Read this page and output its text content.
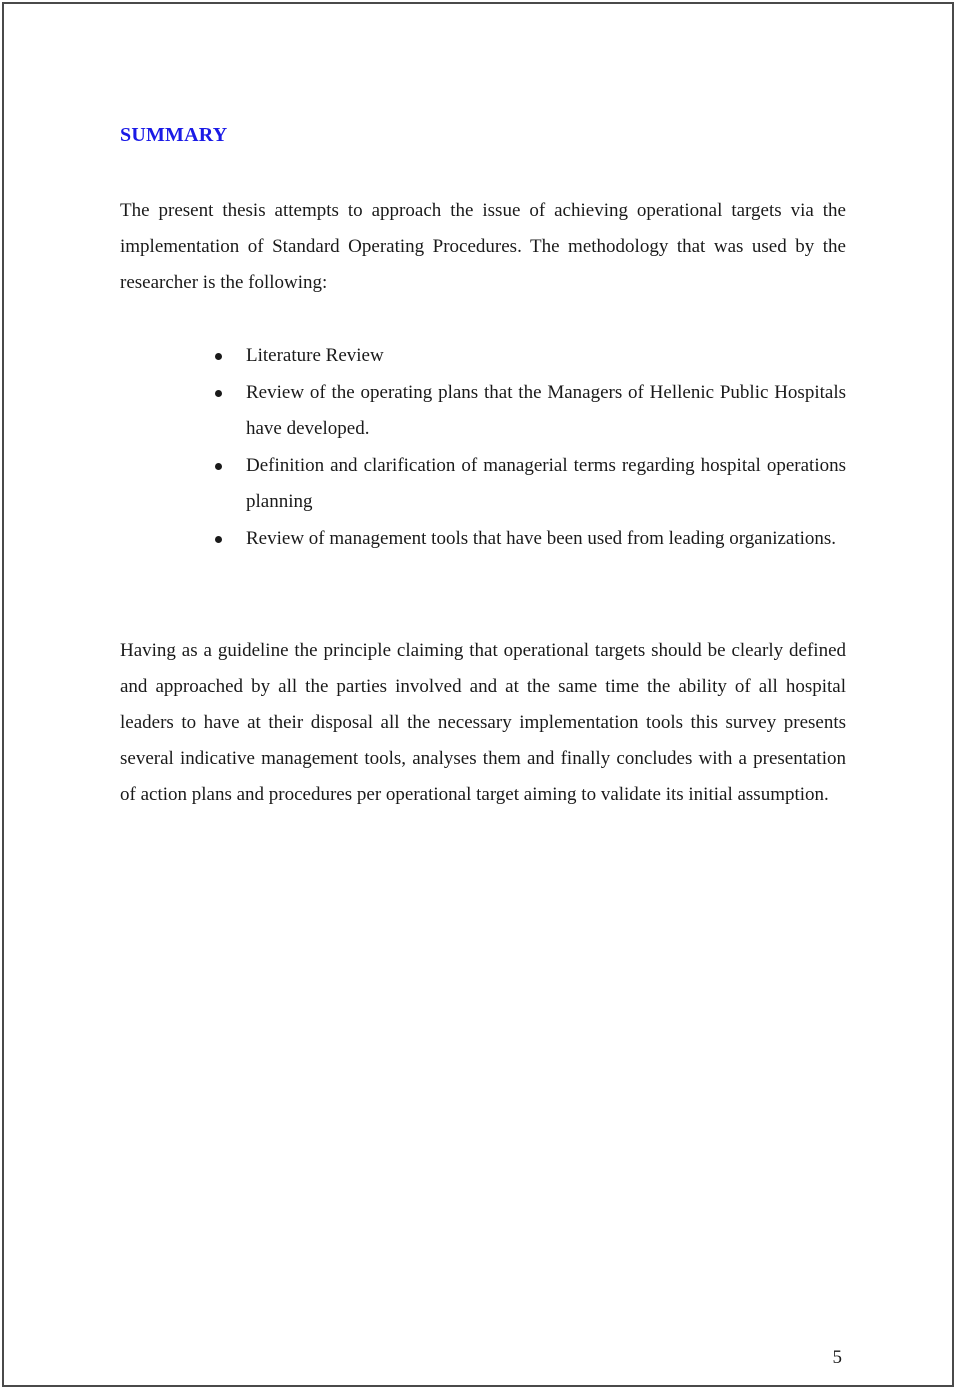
SUMMARY

The present thesis attempts to approach the issue of achieving operational targets via the implementation of Standard Operating Procedures. The methodology that was used by the researcher is the following:

Literature Review
Review of the operating plans that the Managers of Hellenic Public Hospitals have developed.
Definition and clarification of managerial terms regarding hospital operations planning
Review of management tools that have been used from leading organizations.

Having as a guideline the principle claiming that operational targets should be clearly defined and approached by all the parties involved and at the same time the ability of all hospital leaders to have at their disposal all the necessary implementation tools this survey presents several indicative management tools, analyses them and finally concludes with a presentation of action plans and procedures per operational target aiming to validate its initial assumption.

5
